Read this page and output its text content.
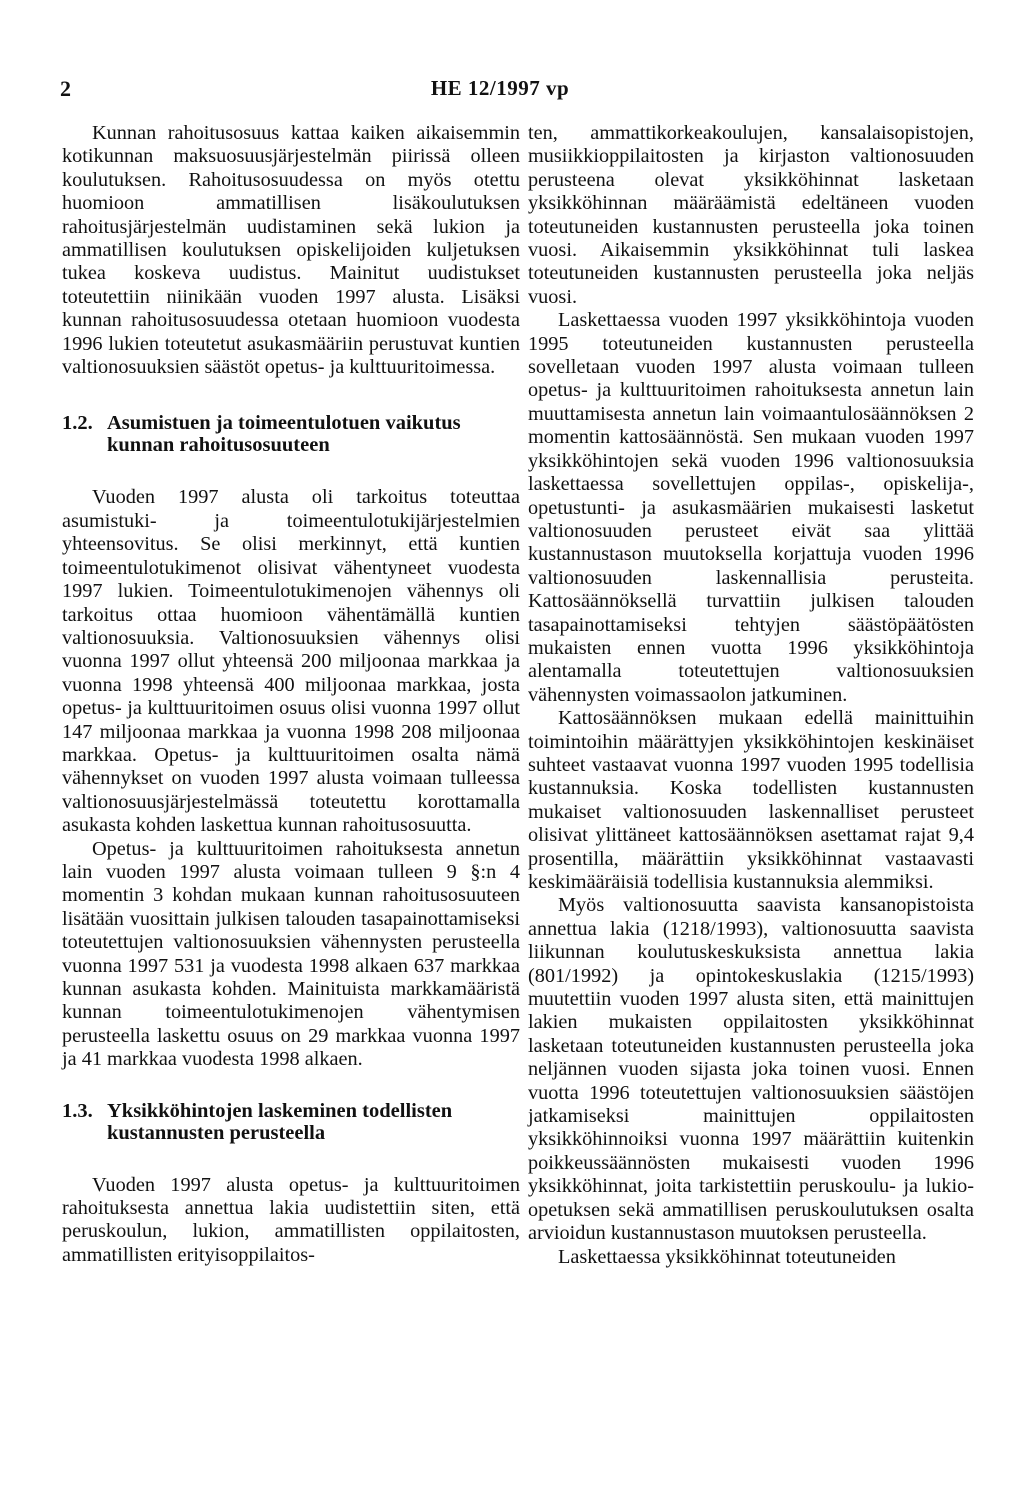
2	HE 12/1997 vp

Kunnan rahoitusosuus kattaa kaiken aikaisemmin kotikunnan maksuosuusjärjestelmän piirissä olleen koulutuksen. Rahoitusosuudessa on myös otettu huomioon ammatillisen lisäkoulutuksen rahoitusjärjestelmän uudistaminen sekä lukion ja ammatillisen koulutuksen opiskelijoiden kuljetuksen tukea koskeva uudistus. Mainitut uudistukset toteutettiin niinikään vuoden 1997 alusta. Lisäksi kunnan rahoitusosuudessa otetaan huomioon vuodesta 1996 lukien toteutetut asukasmääriin perustuvat kuntien valtionosuuksien säästöt opetus- ja kulttuuritoimessa.

1.2. Asumistuen ja toimeentulotuen vaikutus kunnan rahoitusosuuteen

Vuoden 1997 alusta oli tarkoitus toteuttaa asumistuki- ja toimeentulotukijärjestelmien yhteensovitus. Se olisi merkinnyt, että kuntien toimeentulotukimenot olisivat vähentyneet vuodesta 1997 lukien. Toimeentulotukimenojen vähennys oli tarkoitus ottaa huomioon vähentämällä kuntien valtionosuuksia. Valtionosuuksien vähennys olisi vuonna 1997 ollut yhteensä 200 miljoonaa markkaa ja vuonna 1998 yhteensä 400 miljoonaa markkaa, josta opetus- ja kulttuuritoimen osuus olisi vuonna 1997 ollut 147 miljoonaa markkaa ja vuonna 1998 208 miljoonaa markkaa. Opetus- ja kulttuuritoimen osalta nämä vähennykset on vuoden 1997 alusta voimaan tulleessa valtionosuusjärjestelmässä toteutettu korottamalla asukasta kohden laskettua kunnan rahoitusosuutta.

Opetus- ja kulttuuritoimen rahoituksesta annetun lain vuoden 1997 alusta voimaan tulleen 9 §:n 4 momentin 3 kohdan mukaan kunnan rahoitusosuuteen lisätään vuosittain julkisen talouden tasapainottamiseksi toteutettujen valtionosuuksien vähennysten perusteella vuonna 1997 531 ja vuodesta 1998 alkaen 637 markkaa kunnan asukasta kohden. Mainituista markkamääristä kunnan toimeentulotukimenojen vähentymisen perusteella laskettu osuus on 29 markkaa vuonna 1997 ja 41 markkaa vuodesta 1998 alkaen.

1.3. Yksikköhintojen laskeminen todellisten kustannusten perusteella

Vuoden 1997 alusta opetus- ja kulttuuritoimen rahoituksesta annettua lakia uudistettiin siten, että peruskoulun, lukion, ammatillisten oppilaitosten, ammatillisten erityisoppilaitos-

ten, ammattikorkeakoulujen, kansalaisopistojen, musiikkioppilaitosten ja kirjaston valtionosuuden perusteena olevat yksikköhinnat lasketaan yksikköhinnan määräämistä edeltäneen vuoden toteutuneiden kustannusten perusteella joka toinen vuosi. Aikaisemmin yksikköhinnat tuli laskea toteutuneiden kustannusten perusteella joka neljäs vuosi.

Laskettaessa vuoden 1997 yksikköhintoja vuoden 1995 toteutuneiden kustannusten perusteella sovelletaan vuoden 1997 alusta voimaan tulleen opetus- ja kulttuuritoimen rahoituksesta annetun lain muuttamisesta annetun lain voimaantulosäännöksen 2 momentin kattosäännöstä. Sen mukaan vuoden 1997 yksikköhintojen sekä vuoden 1996 valtionosuuksia laskettaessa sovellettujen oppilas-, opiskelija-, opetustunti- ja asukasmäärien mukaisesti lasketut valtionosuuden perusteet eivät saa ylittää kustannustason muutoksella korjattuja vuoden 1996 valtionosuuden laskennallisia perusteita. Kattosäännöksellä turvattiin julkisen talouden tasapainottamiseksi tehtyjen säästöpäätösten mukaisten ennen vuotta 1996 yksikköhintoja alentamalla toteutettujen valtionosuuksien vähennysten voimassaolon jatkuminen.

Kattosäännöksen mukaan edellä mainittuihin toimintoihin määrättyjen yksikköhintojen keskinäiset suhteet vastaavat vuonna 1997 vuoden 1995 todellisia kustannuksia. Koska todellisten kustannusten mukaiset valtionosuuden laskennalliset perusteet olisivat ylittäneet kattosäännöksen asettamat rajat 9,4 prosentilla, määrättiin yksikköhinnat vastaavasti keskimääräisiä todellisia kustannuksia alemmiksi.

Myös valtionosuutta saavista kansanopistoista annettua lakia (1218/1993), valtionosuutta saavista liikunnan koulutuskeskuksista annettua lakia (801/1992) ja opintokeskuslakia (1215/1993) muutettiin vuoden 1997 alusta siten, että mainittujen lakien mukaisten oppilaitosten yksikköhinnat lasketaan toteutuneiden kustannusten perusteella joka neljännen vuoden sijasta joka toinen vuosi. Ennen vuotta 1996 toteutettujen valtionosuuksien säästöjen jatkamiseksi mainittujen oppilaitosten yksikköhinnoiksi vuonna 1997 määrättiin kuitenkin poikkeussäännösten mukaisesti vuoden 1996 yksikköhinnat, joita tarkistettiin peruskoulu- ja lukio-opetuksen sekä ammatillisen peruskoulutuksen osalta arvioidun kustannustason muutoksen perusteella.

Laskettaessa yksikköhinnat toteutuneiden
